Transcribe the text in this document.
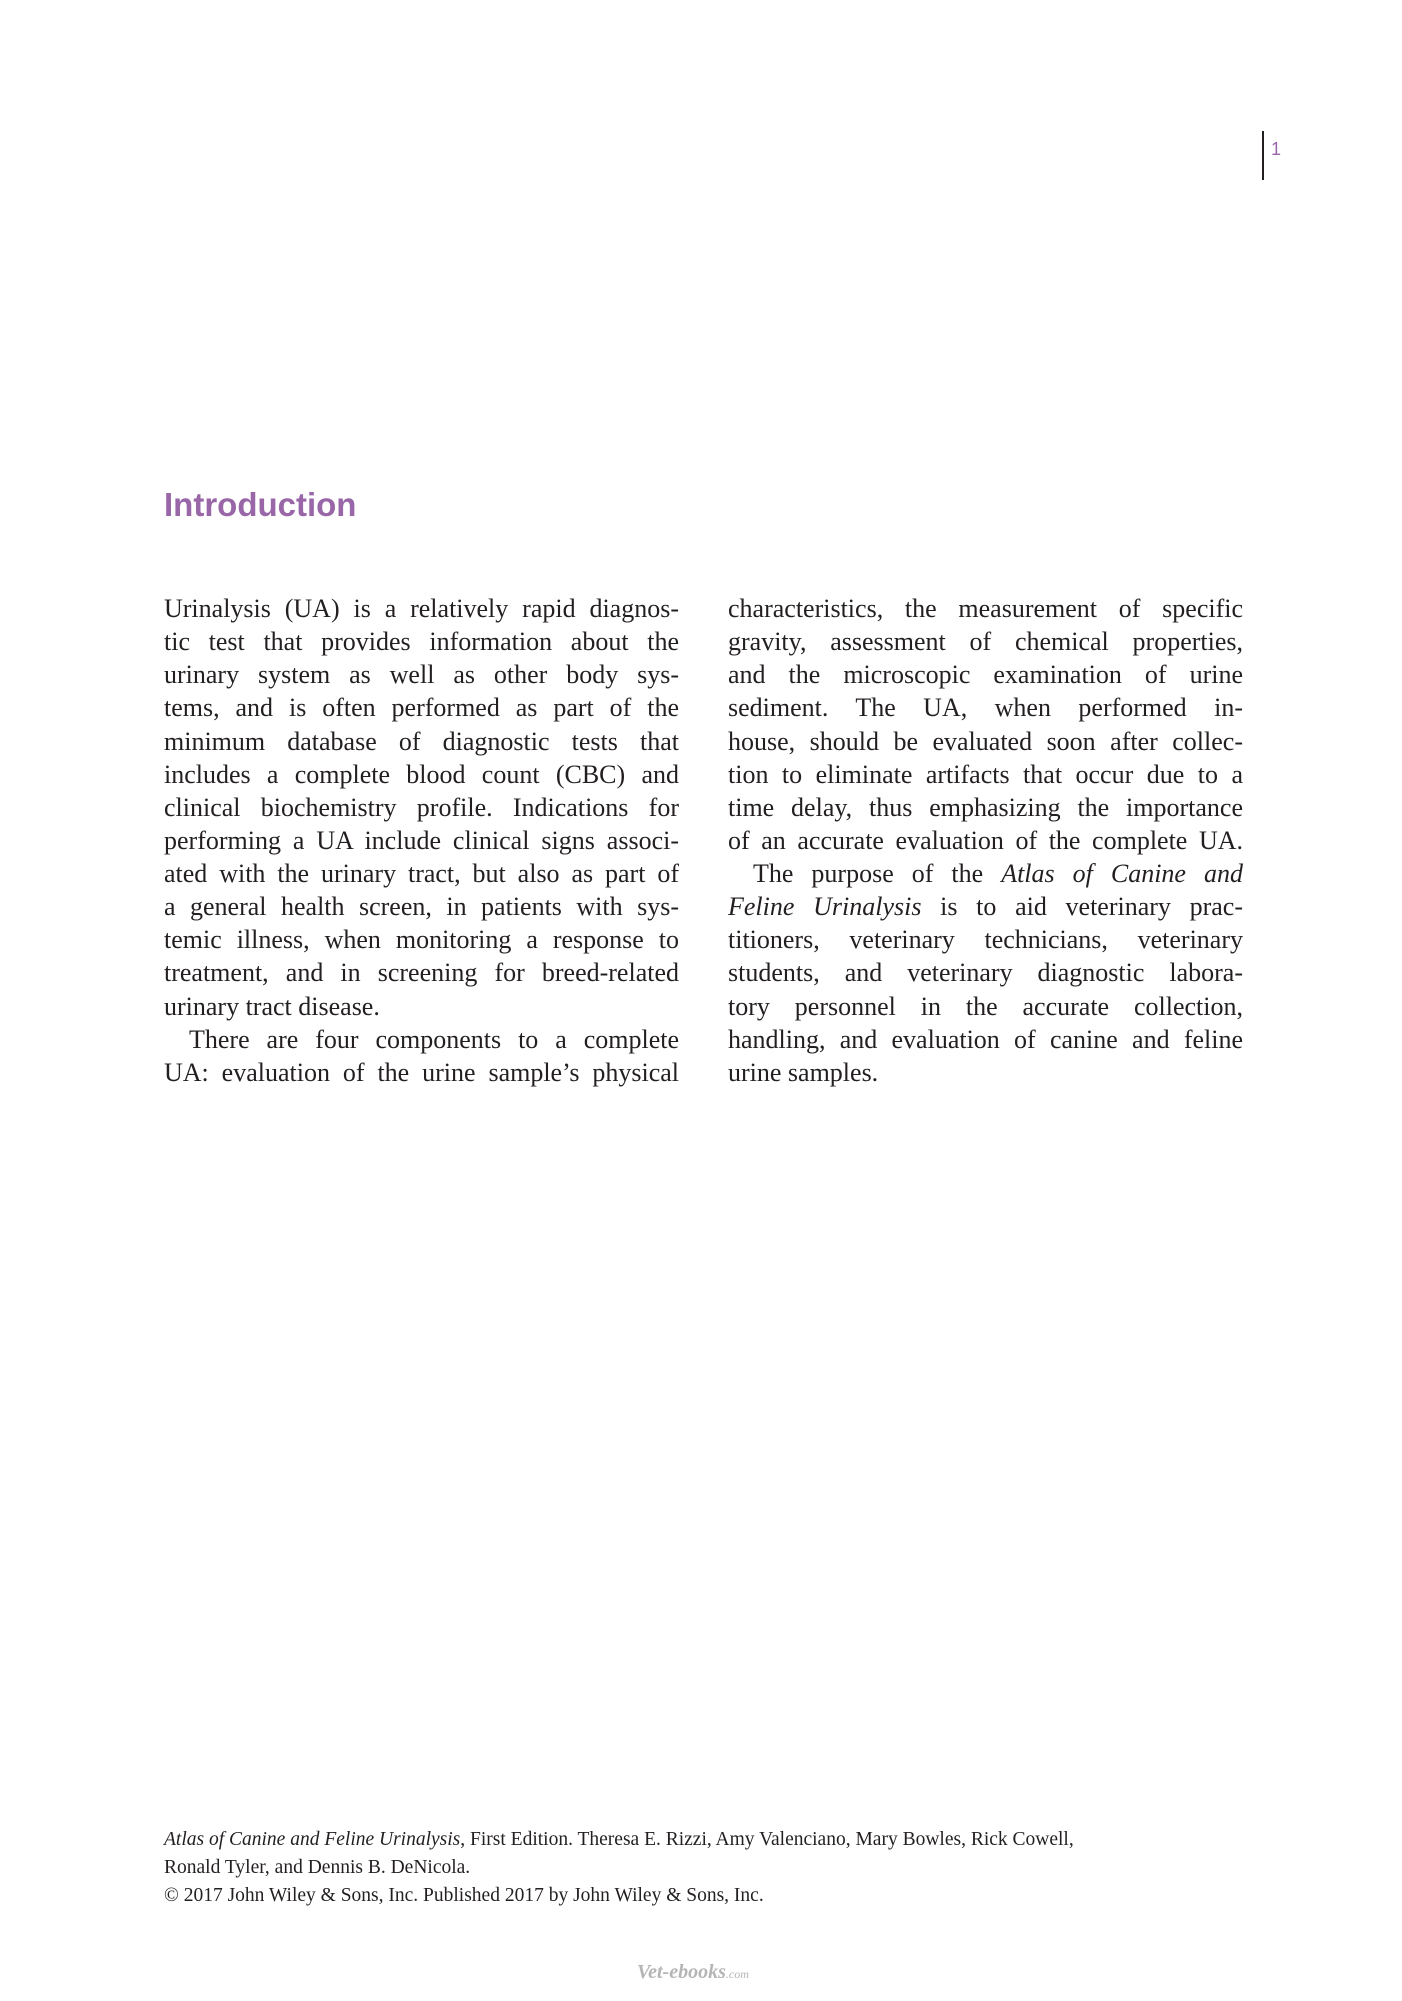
1
Introduction
Urinalysis (UA) is a relatively rapid diagnos-
tic test that provides information about the
urinary system as well as other body sys-
tems, and is often performed as part of the
minimum database of diagnostic tests that
includes a complete blood count (CBC) and
clinical biochemistry profile. Indications for
performing a UA include clinical signs associ-
ated with the urinary tract, but also as part of
a general health screen, in patients with sys-
temic illness, when monitoring a response to
treatment, and in screening for breed-related
urinary tract disease.
There are four components to a complete
UA: evaluation of the urine sample’s physical
characteristics, the measurement of specific
gravity, assessment of chemical properties,
and the microscopic examination of urine
sediment. The UA, when performed in-
house, should be evaluated soon after collec-
tion to eliminate artifacts that occur due to a
time delay, thus emphasizing the importance
of an accurate evaluation of the complete UA.
The purpose of the Atlas of Canine and
Feline Urinalysis is to aid veterinary prac-
titioners, veterinary technicians, veterinary
students, and veterinary diagnostic labora-
tory personnel in the accurate collection,
handling, and evaluation of canine and feline
urine samples.
Atlas of Canine and Feline Urinalysis, First Edition. Theresa E. Rizzi, Amy Valenciano, Mary Bowles, Rick Cowell,
Ronald Tyler, and Dennis B. DeNicola.
© 2017 John Wiley & Sons, Inc. Published 2017 by John Wiley & Sons, Inc.
Vet-ebooks.com
